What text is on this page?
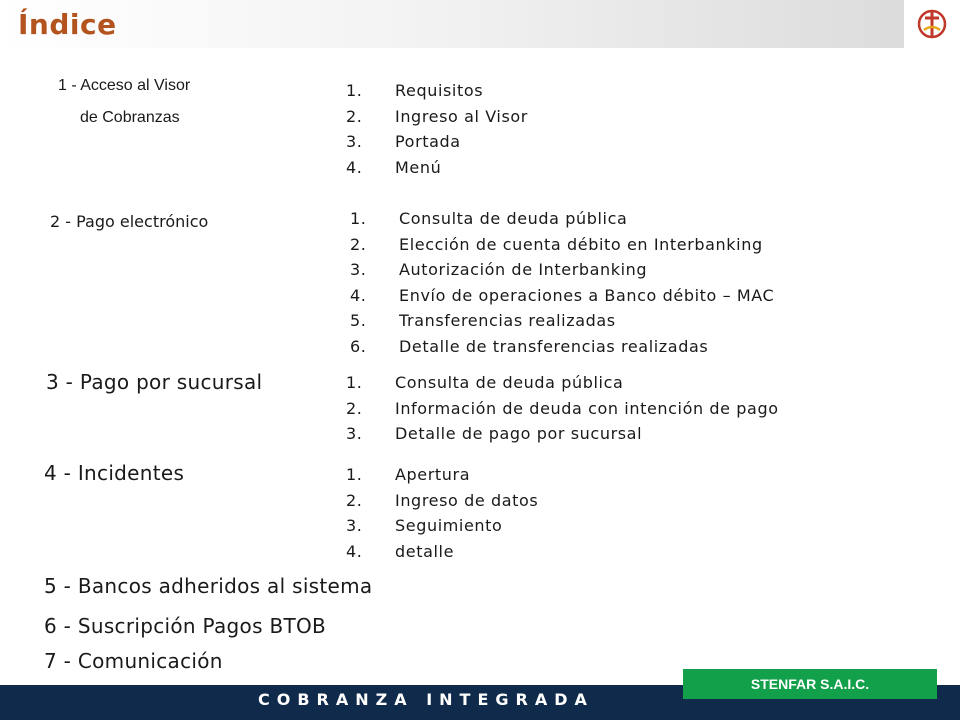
Índice
1 - Acceso al Visor
de Cobranzas
1.	Requisitos
2.	Ingreso al Visor
3.	Portada
4.	Menú
2 - Pago electrónico	1.	Consulta de deuda pública
2.	Elección de cuenta débito en Interbanking
3.	Autorización de Interbanking
4.	Envío de operaciones a Banco débito – MAC
5.	Transferencias realizadas
6.	Detalle de transferencias realizadas
3 - Pago por sucursal	1.	Consulta de deuda pública
2.	Información de deuda con intención de pago
3.	Detalle de pago por sucursal
4 - Incidentes	1.	Apertura
2.	Ingreso de datos
3.	Seguimiento
4.	detalle
5 - Bancos adheridos al sistema
6 - Suscripción Pagos BTOB
7 - Comunicación
COBRANZA INTEGRADA
STENFAR S.A.I.C.
